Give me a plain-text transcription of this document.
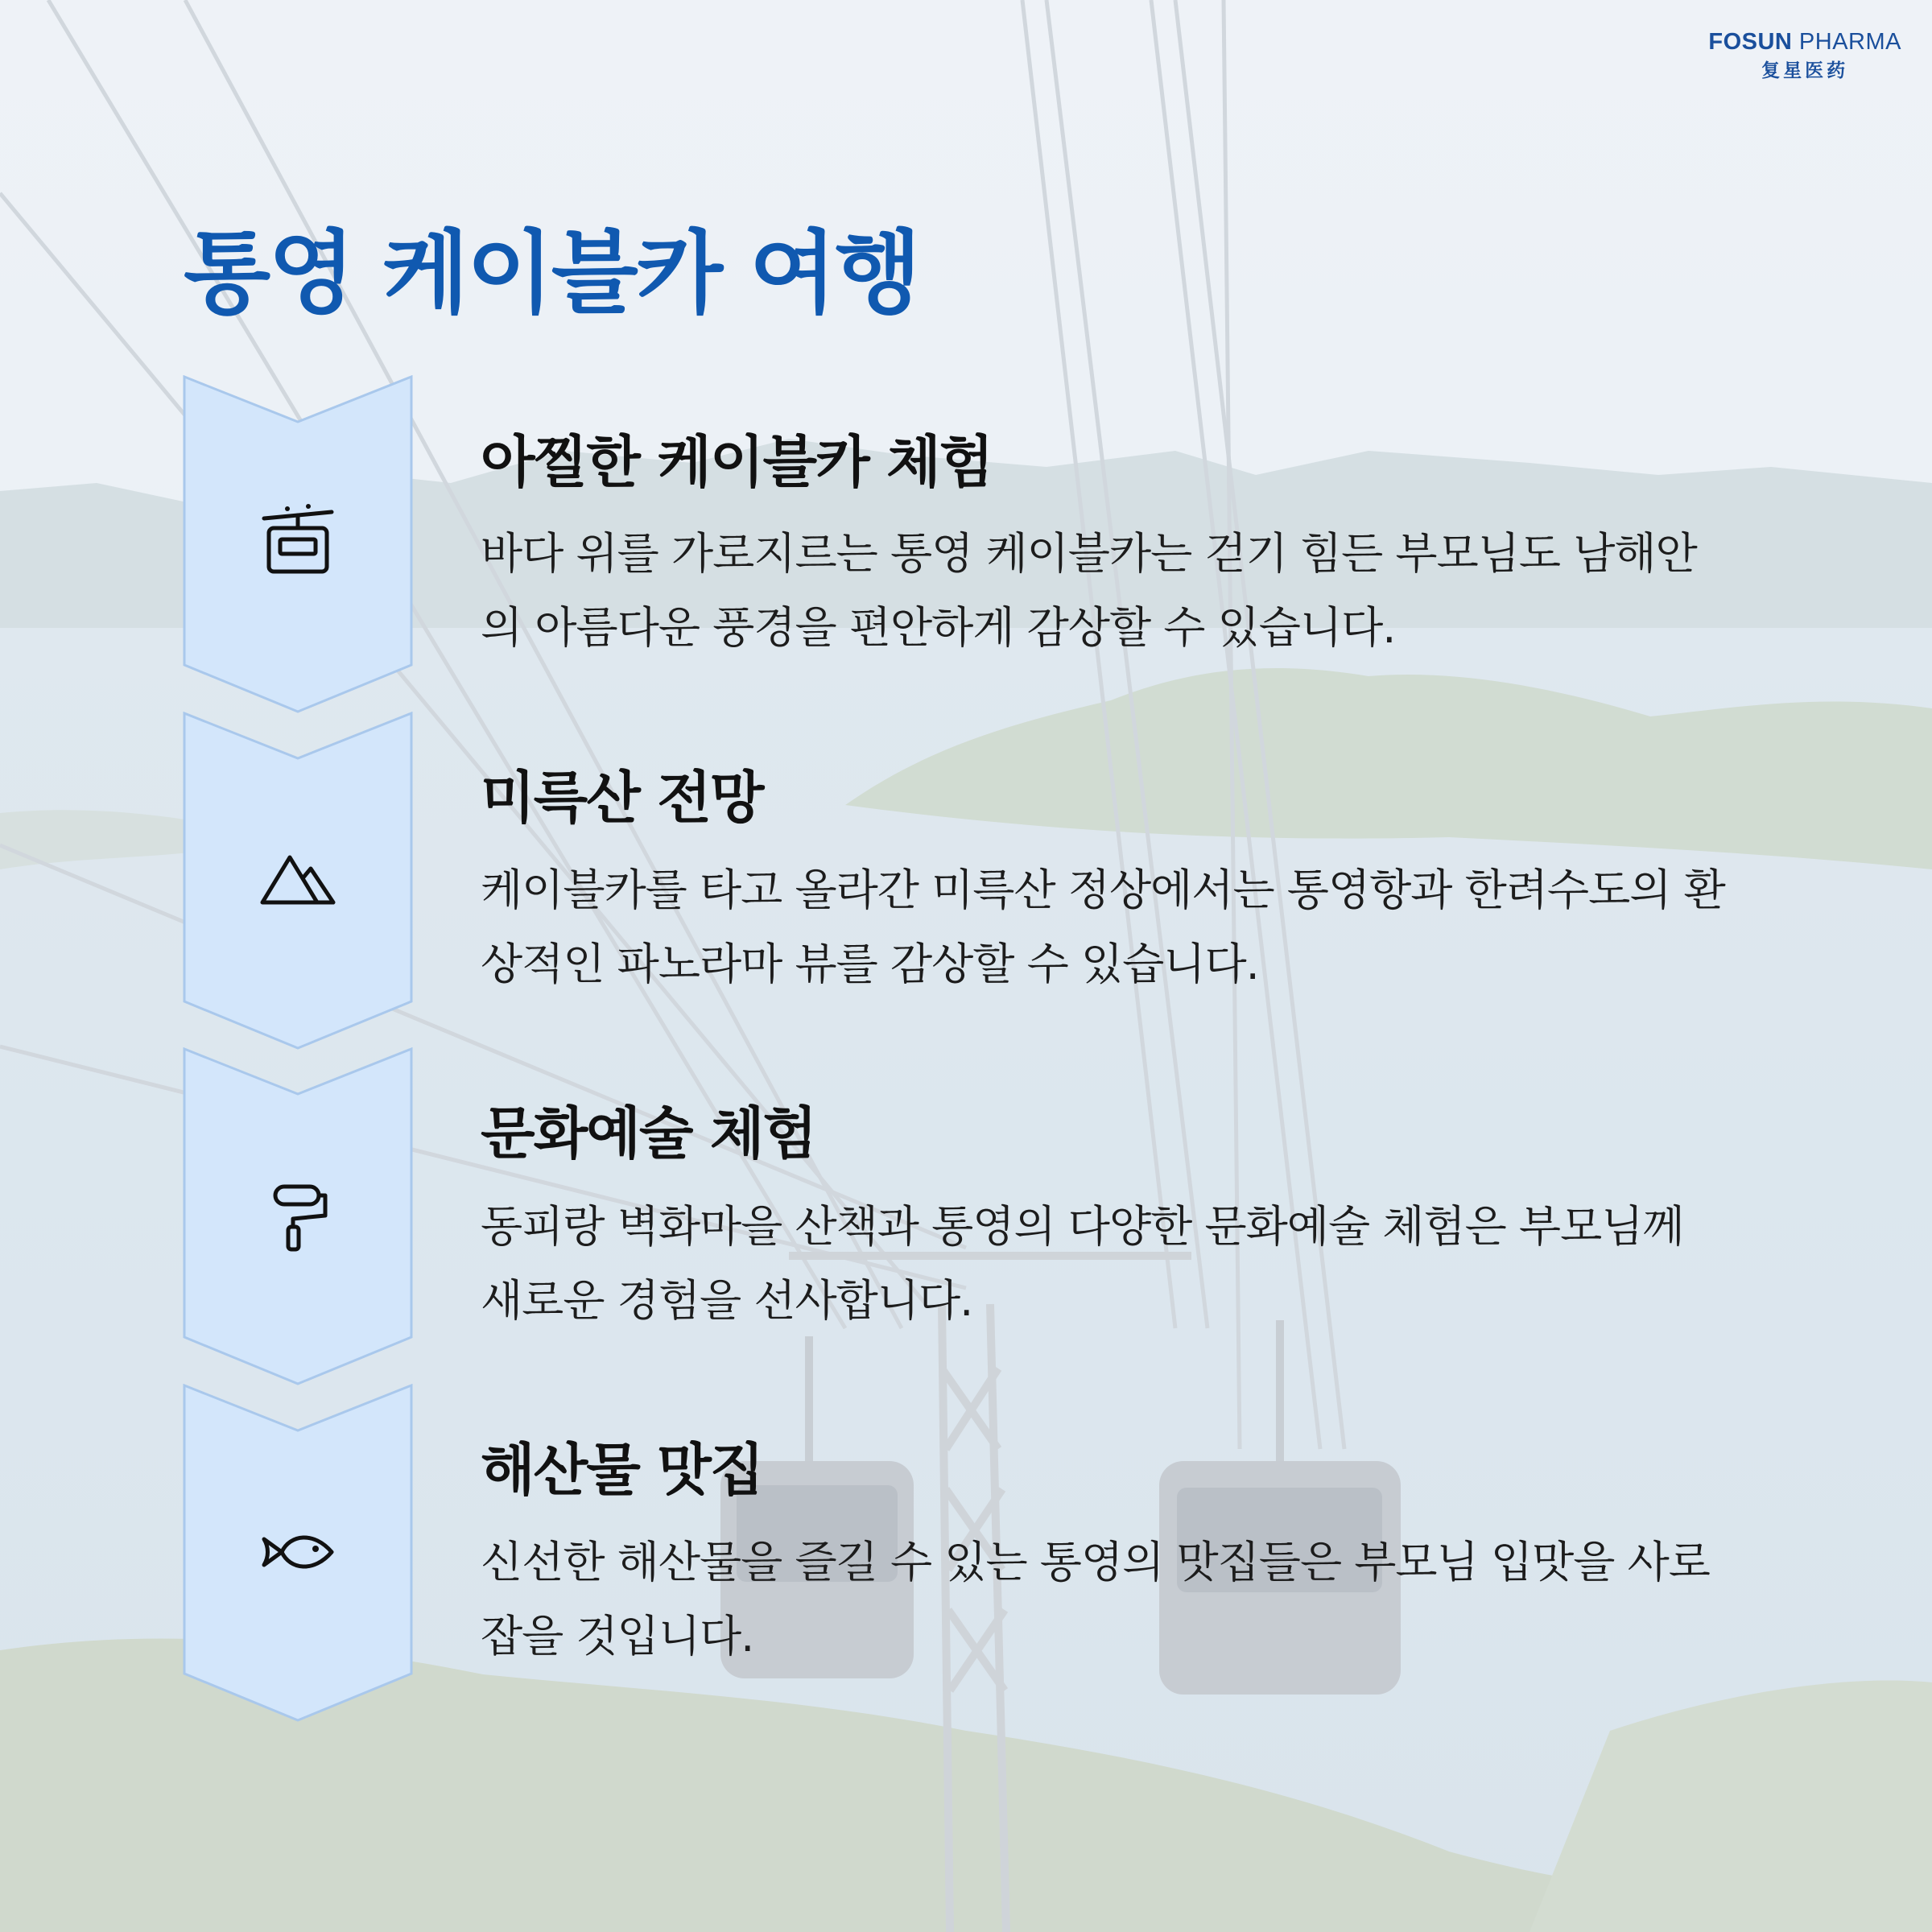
FOSUN PHARMA
复星医药
통영 케이블카 여행
아찔한 케이블카 체험

바다 위를 가로지르는 통영 케이블카는 걷기 힘든 부모님도 남해안
의 아름다운 풍경을 편안하게 감상할 수 있습니다.

미륵산 전망

케이블카를 타고 올라간 미륵산 정상에서는 통영항과 한려수도의 환
상적인 파노라마 뷰를 감상할 수 있습니다.

문화예술 체험

동피랑 벽화마을 산책과 통영의 다양한 문화예술 체험은 부모님께
새로운 경험을 선사합니다.

해산물 맛집

신선한 해산물을 즐길 수 있는 통영의 맛집들은 부모님 입맛을 사로
잡을 것입니다.
